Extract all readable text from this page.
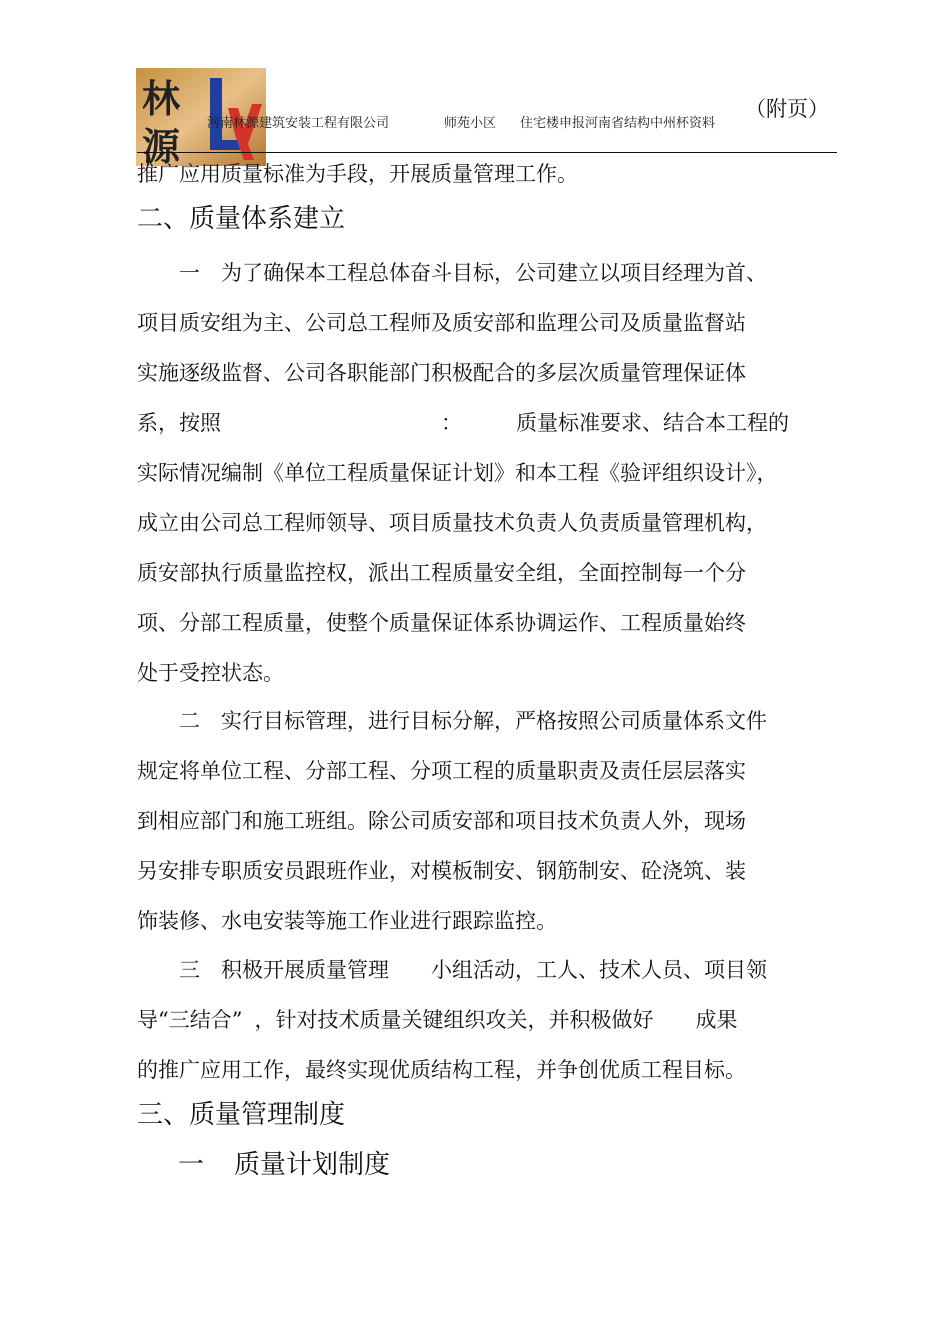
林
源
河南林源建筑安装工程有限公司	师苑小区 住宅楼申报河南省结构中州杯资料
（附页）
推广应用质量标准为手段，开展质量管理工作。
二、质量体系建立
一 为了确保本工程总体奋斗目标，公司建立以项目经理为首、
项目质安组为主、公司总工程师及质安部和监理公司及质量监督站
实施逐级监督、公司各职能部门积极配合的多层次质量管理保证体
系，按照	：	质量标准要求、结合本工程的
实际情况编制《单位工程质量保证计划》和本工程《验评组织设计》，
成立由公司总工程师领导、项目质量技术负责人负责质量管理机构，
质安部执行质量监控权，派出工程质量安全组，全面控制每一个分
项、分部工程质量，使整个质量保证体系协调运作、工程质量始终
处于受控状态。
二 实行目标管理，进行目标分解，严格按照公司质量体系文件
规定将单位工程、分部工程、分项工程的质量职责及责任层层落实
到相应部门和施工班组。除公司质安部和项目技术负责人外，现场
另安排专职质安员跟班作业，对模板制安、钢筋制安、砼浇筑、装
饰装修、水电安装等施工作业进行跟踪监控。
三 积极开展质量管理 小组活动，工人、技术人员、项目领
导“三结合” ，针对技术质量关键组织攻关，并积极做好 成果
的推广应用工作，最终实现优质结构工程，并争创优质工程目标。
三、质量管理制度
一 质量计划制度
